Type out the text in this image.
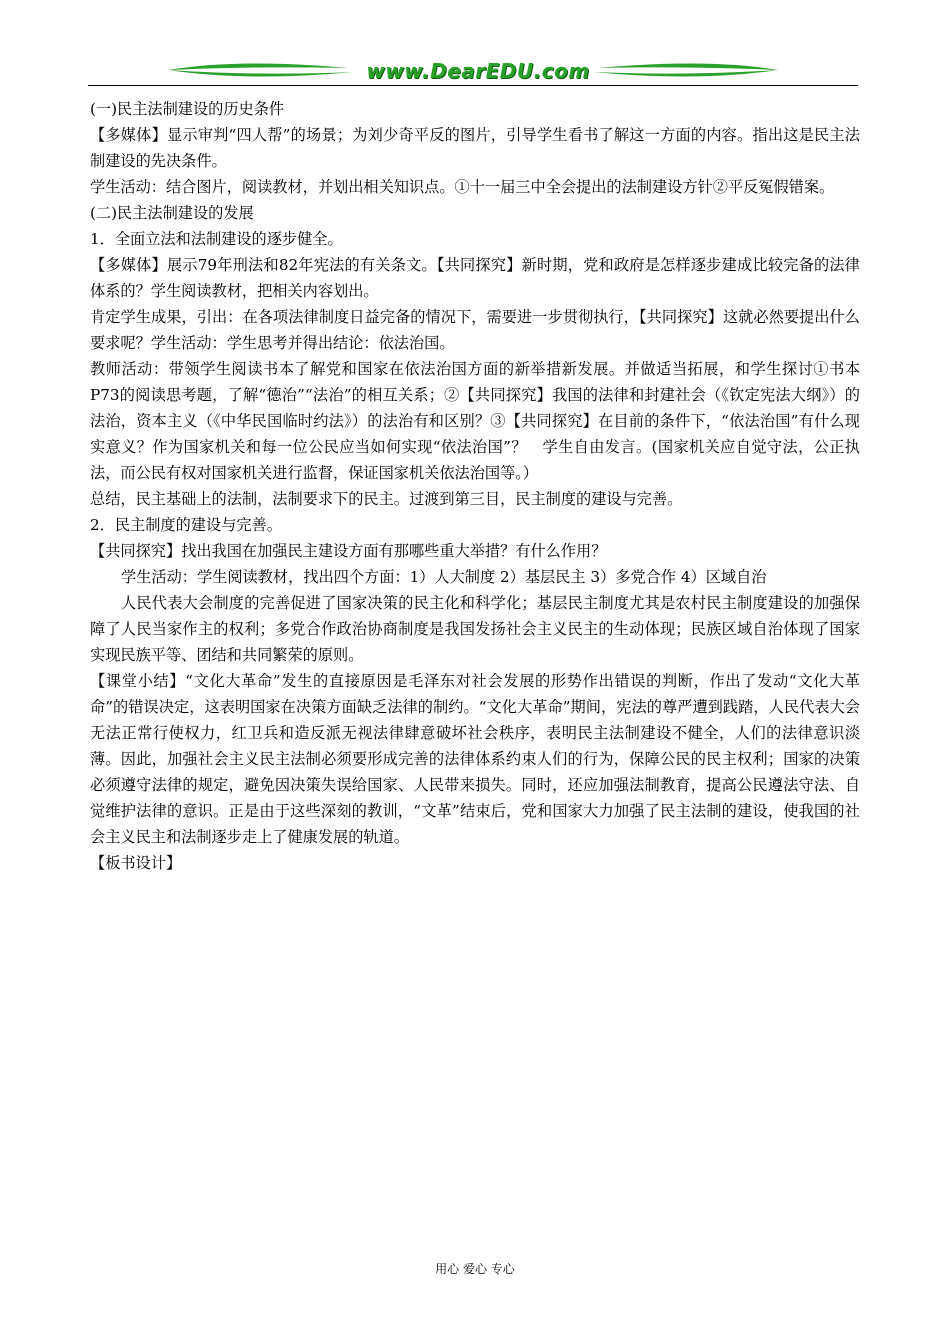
www.DearEDU.com

(一)民主法制建设的历史条件

【多媒体】显示审判“四人帮”的场景；为刘少奇平反的图片，引导学生看书了解这一方面的内容。指出这是民主法制建设的先决条件。

学生活动：结合图片，阅读教材，并划出相关知识点。①十一届三中全会提出的法制建设方针②平反冤假错案。

(二)民主法制建设的发展

1．全面立法和法制建设的逐步健全。

【多媒体】展示79年刑法和82年宪法的有关条文。【共同探究】新时期，党和政府是怎样逐步建成比较完备的法律体系的？学生阅读教材，把相关内容划出。

肯定学生成果，引出：在各项法律制度日益完备的情况下，需要进一步贯彻执行，【共同探究】这就必然要提出什么要求呢？学生活动：学生思考并得出结论：依法治国。

教师活动：带领学生阅读书本了解党和国家在依法治国方面的新举措新发展。并做适当拓展，和学生探讨①书本P73的阅读思考题，了解“德治”“法治”的相互关系；②【共同探究】我国的法律和封建社会（《钦定宪法大纲》）的法治，资本主义（《中华民国临时约法》）的法治有和区别？③【共同探究】在目前的条件下，“依法治国”有什么现实意义？作为国家机关和每一位公民应当如何实现“依法治国”？　学生自由发言。(国家机关应自觉守法，公正执法，而公民有权对国家机关进行监督，保证国家机关依法治国等。）

总结，民主基础上的法制，法制要求下的民主。过渡到第三目，民主制度的建设与完善。

2．民主制度的建设与完善。

【共同探究】找出我国在加强民主建设方面有那哪些重大举措？有什么作用？

学生活动：学生阅读教材，找出四个方面：1）人大制度 2）基层民主 3）多党合作 4）区域自治

人民代表大会制度的完善促进了国家决策的民主化和科学化；基层民主制度尤其是农村民主制度建设的加强保障了人民当家作主的权利；多党合作政治协商制度是我国发扬社会主义民主的生动体现；民族区域自治体现了国家实现民族平等、团结和共同繁荣的原则。

【课堂小结】“文化大革命”发生的直接原因是毛泽东对社会发展的形势作出错误的判断，作出了发动“文化大革命”的错误决定，这表明国家在决策方面缺乏法律的制约。“文化大革命”期间，宪法的尊严遭到践踏，人民代表大会无法正常行使权力，红卫兵和造反派无视法律肆意破坏社会秩序，表明民主法制建设不健全，人们的法律意识淡薄。因此，加强社会主义民主法制必须要形成完善的法律体系约束人们的行为，保障公民的民主权利；国家的决策必须遵守法律的规定，避免因决策失误给国家、人民带来损失。同时，还应加强法制教育，提高公民遵法守法、自觉维护法律的意识。正是由于这些深刻的教训，“文革”结束后，党和国家大力加强了民主法制的建设，使我国的社会主义民主和法制逐步走上了健康发展的轨道。

【板书设计】

用心 爱心 专心
